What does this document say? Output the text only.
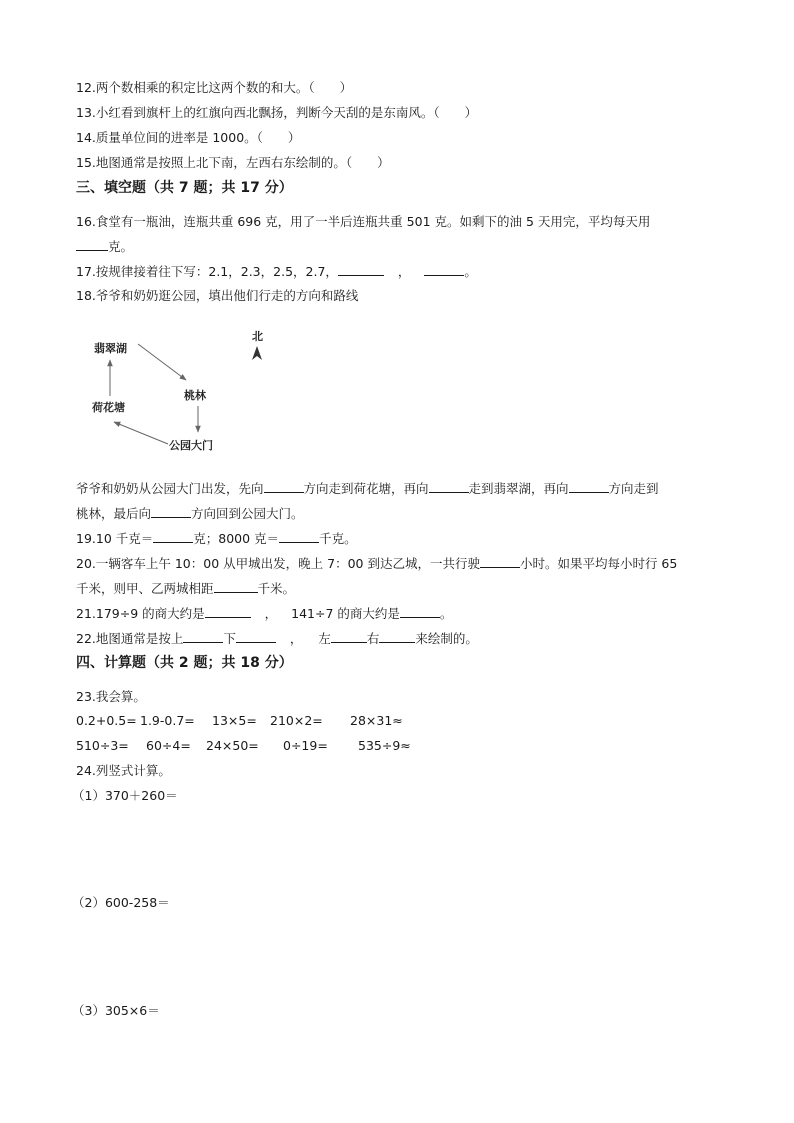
12.两个数相乘的积定比这两个数的和大。（　　）
13.小红看到旗杆上的红旗向西北飘扬，判断今天刮的是东南风。（　　）
14.质量单位间的进率是 1000。（　　）
15.地图通常是按照上北下南，左西右东绘制的。（　　）
三、填空题（共 7 题；共 17 分）
16.食堂有一瓶油，连瓶共重 696 克，用了一半后连瓶共重 501 克。如剩下的油 5 天用完，平均每天用
克。
17.按规律接着往下写：2.1，2.3，2.5，2.7，	，	。
18.爷爷和奶奶逛公园，填出他们行走的方向和路线
北
翡翠湖
桃林
荷花塘
公园大门
爷爷和奶奶从公园大门出发，先向	方向走到荷花塘，再向	走到翡翠湖，再向	方向走到
桃林，最后向	方向回到公园大门。
19.10 千克＝	克；8000 克＝	千克。
20.一辆客车上午 10：00 从甲城出发，晚上 7：00 到达乙城，一共行驶	小时。如果平均每小时行 65
千米，则甲、乙两城相距	千米。
21.179÷9 的商大约是	， 141÷7 的商大约是	。
22.地图通常是按上	下	， 左	右	来绘制的。
四、计算题（共 2 题；共 18 分）
23.我会算。
0.2+0.5= 1.9-0.7= 13×5= 210×2= 28×31≈
510÷3= 60÷4= 24×50= 0÷19= 535÷9≈
24.列竖式计算。
（1）370＋260＝
（2）600-258＝
（3）305×6＝
